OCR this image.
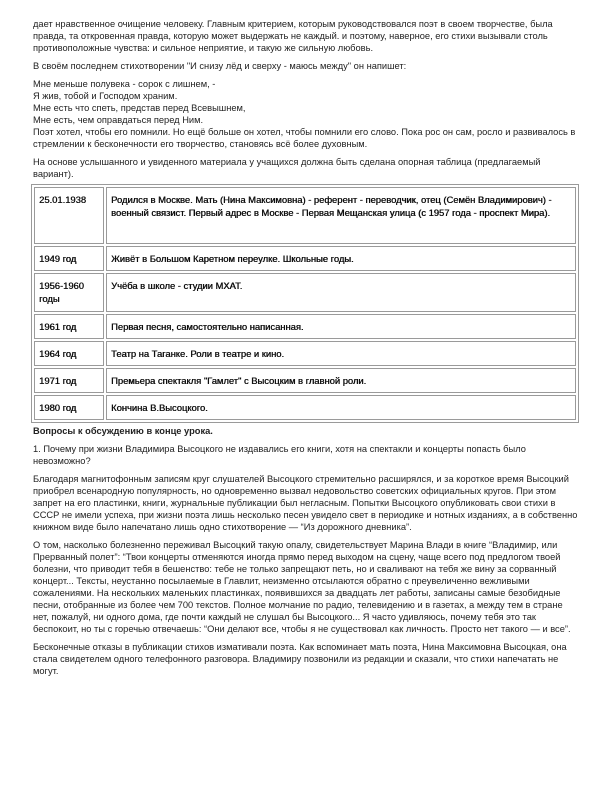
дает нравственное очищение человеку. Главным критерием, которым руководствовался поэт в своем творчестве, была правда, та откровенная правда, которую может выдержать не каждый. и поэтому, наверное, его стихи вызывали столь противоположные чувства: и сильное неприятие, и такую же сильную любовь.

В своём последнем стихотворении "И снизу лёд и сверху - маюсь между" он напишет:

Мне меньше полувека - сорок с лишнем, -

Я жив, тобой и Господом храним.

Мне есть что спеть, представ перед Всевышнем,

Мне есть, чем оправдаться перед Ним.

Поэт хотел, чтобы его помнили. Но ещё больше он хотел, чтобы помнили его слово. Пока рос он сам, росло и развивалось в стремлении к бесконечности его творчество, становясь всё более духовным.

На основе услышанного и увиденного материала у учащихся должна быть сделана опорная таблица (предлагаемый вариант).

25.01.1938	Родился в Москве. Мать (Нина Максимовна) - референт - переводчик, отец (Семён Владимирович) - военный связист. Первый адрес в Москве - Первая Мещанская улица (с 1957 года - проспект Мира).
1949 год	Живёт в Большом Каретном переулке. Школьные годы.
1956-1960 годы	Учёба в школе - студии МХАТ.
1961 год	Первая песня, самостоятельно написанная.
1964 год	Театр на Таганке. Роли в театре и кино.
1971 год	Премьера спектакля "Гамлет" с Высоцким в главной роли.
1980 год	Кончина В.Высоцкого.

Вопросы к обсуждению в конце урока.

1. Почему при жизни Владимира Высоцкого не издавались его книги, хотя на спектакли и концерты попасть было невозможно?

Благодаря магнитофонным записям круг слушателей Высоцкого стремительно расширялся, и за короткое время Высоцкий приобрел всенародную популярность, но одновременно вызвал недовольство советских официальных кругов. При этом запрет на его пластинки, книги, журнальные публикации был негласным. Попытки Высоцкого опубликовать свои стихи в СССР не имели успеха, при жизни поэта лишь несколько песен увидело свет в периодике и нотных изданиях, а в собственно книжном виде было напечатано лишь одно стихотворение — “Из дорожного дневника”.

О том, насколько болезненно переживал Высоцкий такую опалу, свидетельствует Марина Влади в книге “Владимир, или Прерванный полет”: “Твои концерты отменяются иногда прямо перед выходом на сцену, чаще всего под предлогом твоей болезни, что приводит тебя в бешенство: тебе не только запрещают петь, но и сваливают на тебя же вину за сорванный концерт... Тексты, неустанно посылаемые в Главлит, неизменно отсылаются обратно с преувеличенно вежливыми сожалениями. На нескольких маленьких пластинках, появившихся за двадцать лет работы, записаны самые безобидные песни, отобранные из более чем 700 текстов. Полное молчание по радио, телевидению и в газетах, а между тем в стране нет, пожалуй, ни одного дома, где почти каждый не слушал бы Высоцкого... Я часто удивляюсь, почему тебя это так беспокоит, но ты с горечью отвечаешь: “Они делают все, чтобы я не существовал как личность. Просто нет такого — и все”.

Бесконечные отказы в публикации стихов измативали поэта. Как вспоминает мать поэта, Нина Максимовна Высоцкая, она стала свидетелем одного телефонного разговора. Владимиру позвонили из редакции и сказали, что стихи напечатать не могут.
